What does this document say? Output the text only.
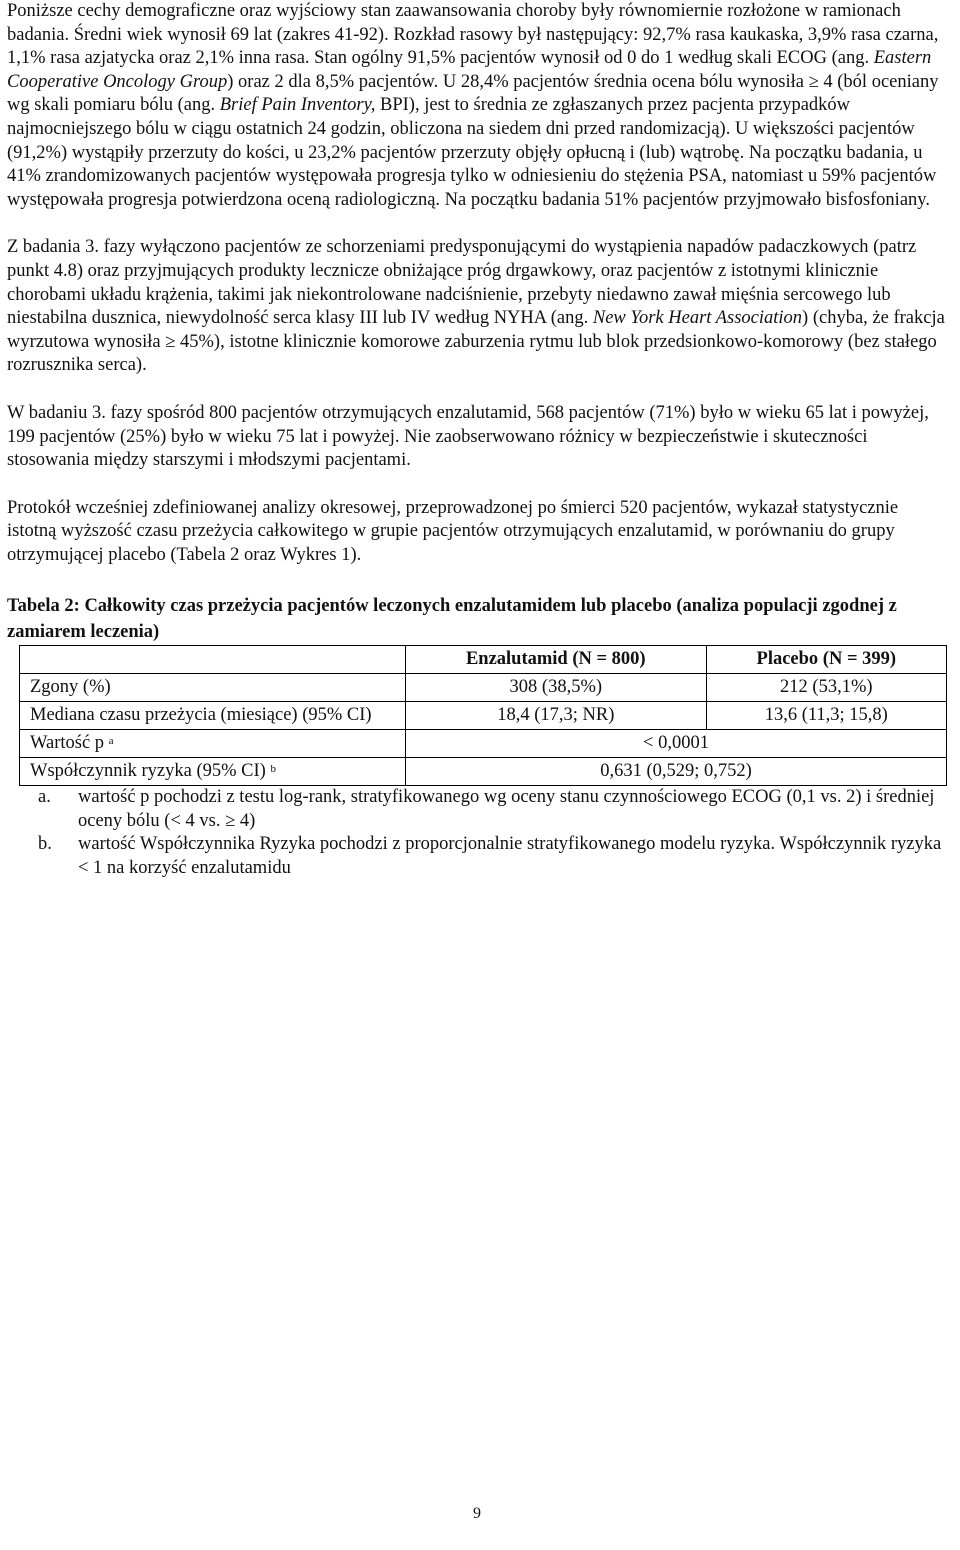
Poniższe cechy demograficzne oraz wyjściowy stan zaawansowania choroby były równomiernie rozłożone w ramionach badania. Średni wiek wynosił 69 lat (zakres 41-92). Rozkład rasowy był następujący: 92,7% rasa kaukaska, 3,9% rasa czarna, 1,1% rasa azjatycka oraz 2,1% inna rasa. Stan ogólny 91,5% pacjentów wynosił od 0 do 1 według skali ECOG (ang. Eastern Cooperative Oncology Group) oraz 2 dla 8,5% pacjentów. U 28,4% pacjentów średnia ocena bólu wynosiła ≥ 4 (ból oceniany wg skali pomiaru bólu (ang. Brief Pain Inventory, BPI), jest to średnia ze zgłaszanych przez pacjenta przypadków najmocniejszego bólu w ciągu ostatnich 24 godzin, obliczona na siedem dni przed randomizacją). U większości pacjentów (91,2%) wystąpiły przerzuty do kości, u 23,2% pacjentów przerzuty objęły opłucną i (lub) wątrobę. Na początku badania, u 41% zrandomizowanych pacjentów występowała progresja tylko w odniesieniu do stężenia PSA, natomiast u 59% pacjentów występowała progresja potwierdzona oceną radiologiczną. Na początku badania 51% pacjentów przyjmowało bisfosfoniany.

Z badania 3. fazy wyłączono pacjentów ze schorzeniami predysponującymi do wystąpienia napadów padaczkowych (patrz punkt 4.8) oraz przyjmujących produkty lecznicze obniżające próg drgawkowy, oraz pacjentów z istotnymi klinicznie chorobami układu krążenia, takimi jak niekontrolowane nadciśnienie, przebyty niedawno zawał mięśnia sercowego lub niestabilna dusznica, niewydolność serca klasy III lub IV według NYHA (ang. New York Heart Association) (chyba, że frakcja wyrzutowa wynosiła ≥ 45%), istotne klinicznie komorowe zaburzenia rytmu lub blok przedsionkowo-komorowy (bez stałego rozrusznika serca).

W badaniu 3. fazy spośród 800 pacjentów otrzymujących enzalutamid, 568 pacjentów (71%) było w wieku 65 lat i powyżej, 199 pacjentów (25%) było w wieku 75 lat i powyżej. Nie zaobserwowano różnicy w bezpieczeństwie i skuteczności stosowania między starszymi i młodszymi pacjentami.

Protokół wcześniej zdefiniowanej analizy okresowej, przeprowadzonej po śmierci 520 pacjentów, wykazał statystycznie istotną wyższość czasu przeżycia całkowitego w grupie pacjentów otrzymujących enzalutamid, w porównaniu do grupy otrzymującej placebo (Tabela 2 oraz Wykres 1).

Tabela 2: Całkowity czas przeżycia pacjentów leczonych enzalutamidem lub placebo (analiza populacji zgodnej z zamiarem leczenia)

	Enzalutamid (N = 800)	Placebo (N = 399)
Zgony (%)	308 (38,5%)	212 (53,1%)
Mediana czasu przeżycia (miesiące) (95% CI)	18,4 (17,3; NR)	13,6 (11,3; 15,8)
Wartość p $^a$	< 0,0001	
Współczynnik ryzyka (95% CI) $^b$	0,631 (0,529; 0,752)	
a. wartość p pochodzi z testu log-rank, stratyfikowanego wg oceny stanu czynnościowego ECOG (0,1 vs. 2) i średniej oceny bólu (< 4 vs. ≥ 4)
b. wartość Współczynnika Ryzyka pochodzi z proporcjonalnie stratyfikowanego modelu ryzyka. Współczynnik ryzyka < 1 na korzyść enzalutamidu
9
